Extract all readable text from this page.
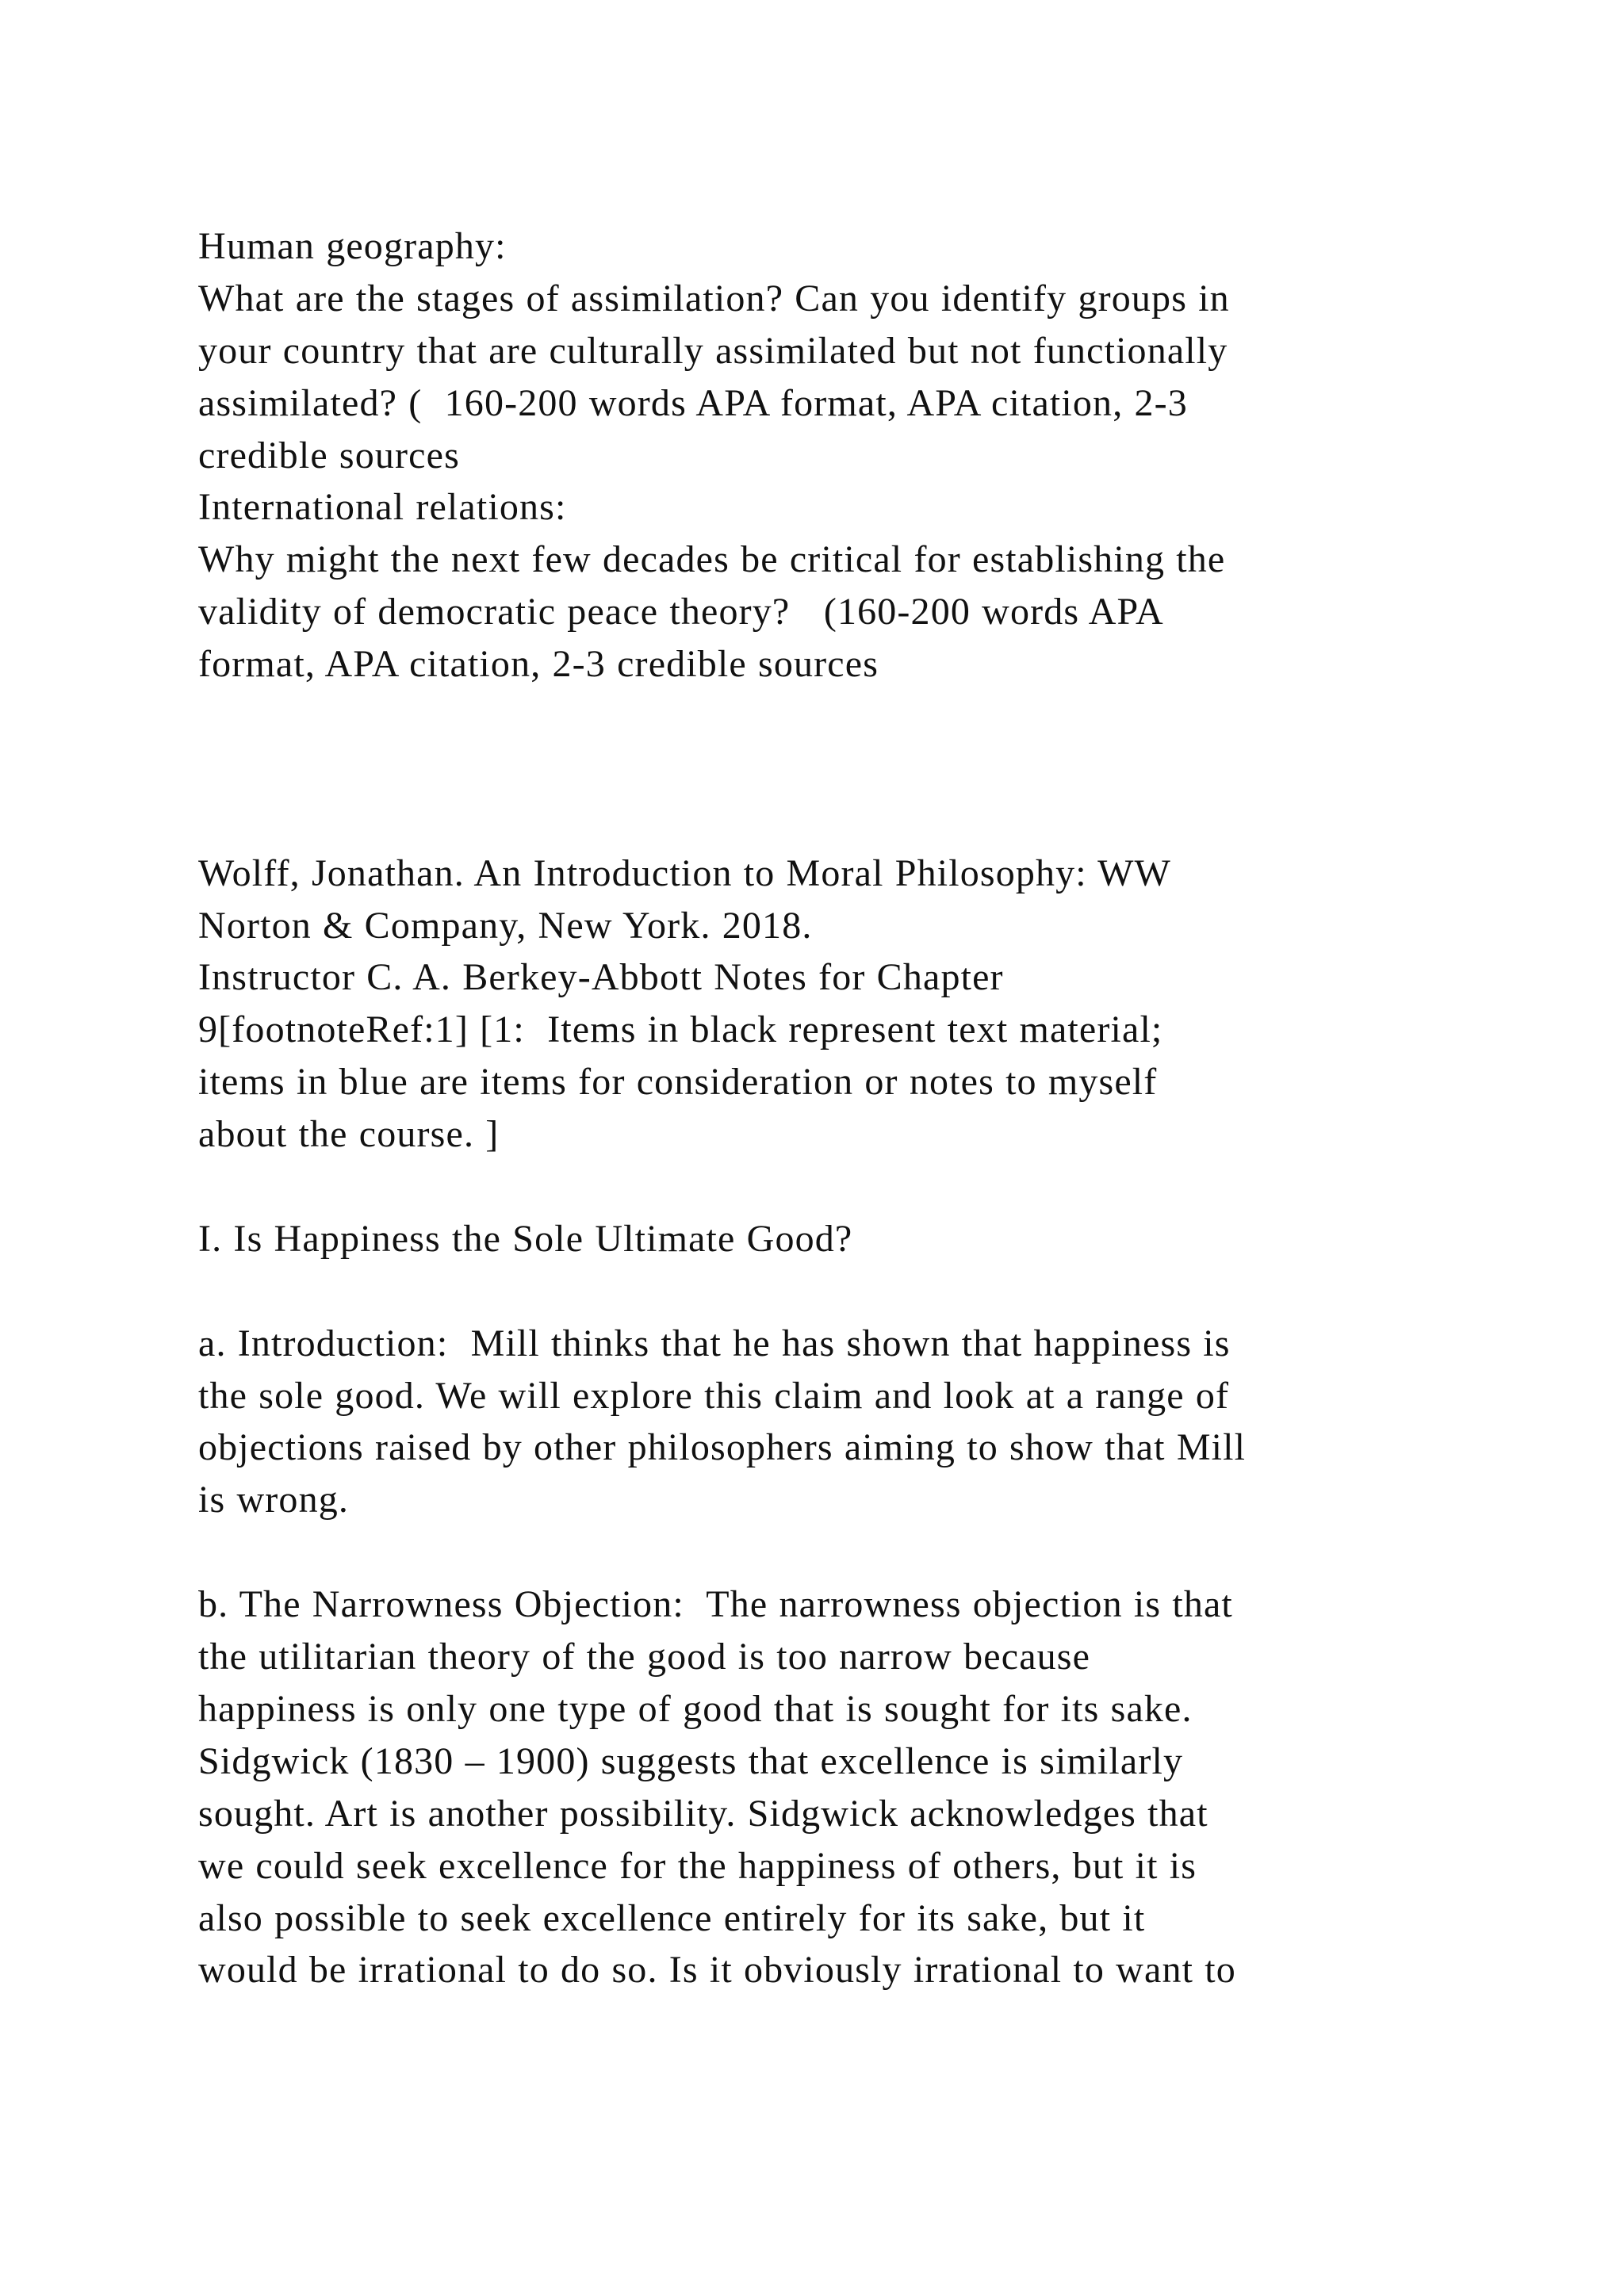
Human geography:
What are the stages of assimilation? Can you identify groups in
your country that are culturally assimilated but not functionally
assimilated? (  160-200 words APA format, APA citation, 2-3
credible sources
International relations:
Why might the next few decades be critical for establishing the
validity of democratic peace theory?   (160-200 words APA
format, APA citation, 2-3 credible sources
Wolff, Jonathan. An Introduction to Moral Philosophy: WW
Norton & Company, New York. 2018.
Instructor C. A. Berkey-Abbott Notes for Chapter
9[footnoteRef:1] [1:  Items in black represent text material;
items in blue are items for consideration or notes to myself
about the course. ]
I. Is Happiness the Sole Ultimate Good?
a. Introduction:  Mill thinks that he has shown that happiness is
the sole good. We will explore this claim and look at a range of
objections raised by other philosophers aiming to show that Mill
is wrong.
b. The Narrowness Objection:  The narrowness objection is that
the utilitarian theory of the good is too narrow because
happiness is only one type of good that is sought for its sake.
Sidgwick (1830 – 1900) suggests that excellence is similarly
sought. Art is another possibility. Sidgwick acknowledges that
we could seek excellence for the happiness of others, but it is
also possible to seek excellence entirely for its sake, but it
would be irrational to do so. Is it obviously irrational to want to
